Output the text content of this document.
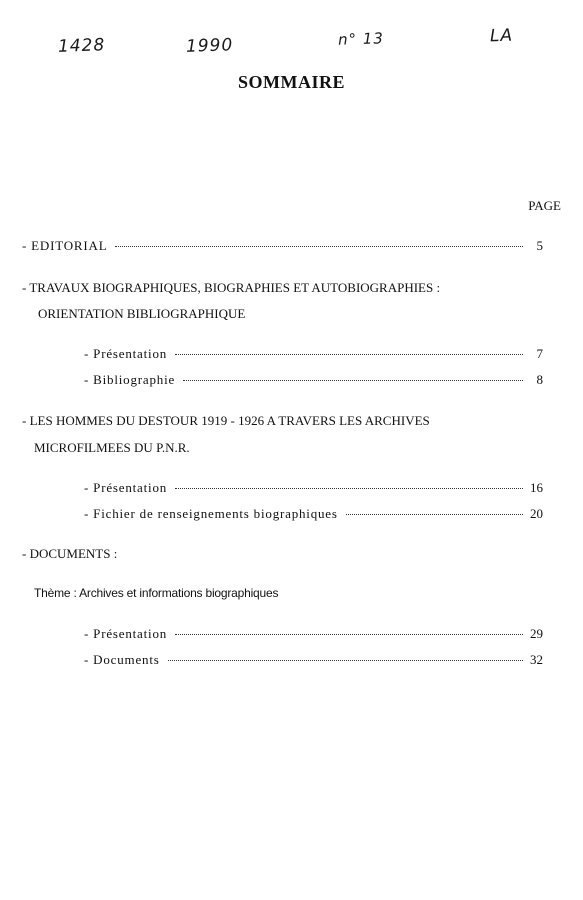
1428	1990	n° 13	LA
SOMMAIRE
PAGE
- EDITORIAL	5
- TRAVAUX BIOGRAPHIQUES, BIOGRAPHIES ET AUTOBIOGRAPHIES :
ORIENTATION BIBLIOGRAPHIQUE
- Présentation	7
- Bibliographie	8
- LES HOMMES DU DESTOUR 1919 - 1926 A TRAVERS LES ARCHIVES
MICROFILMEES DU P.N.R.
- Présentation	16
- Fichier de renseignements biographiques	20
- DOCUMENTS :
Thème : Archives et informations biographiques
- Présentation	29
- Documents	32
